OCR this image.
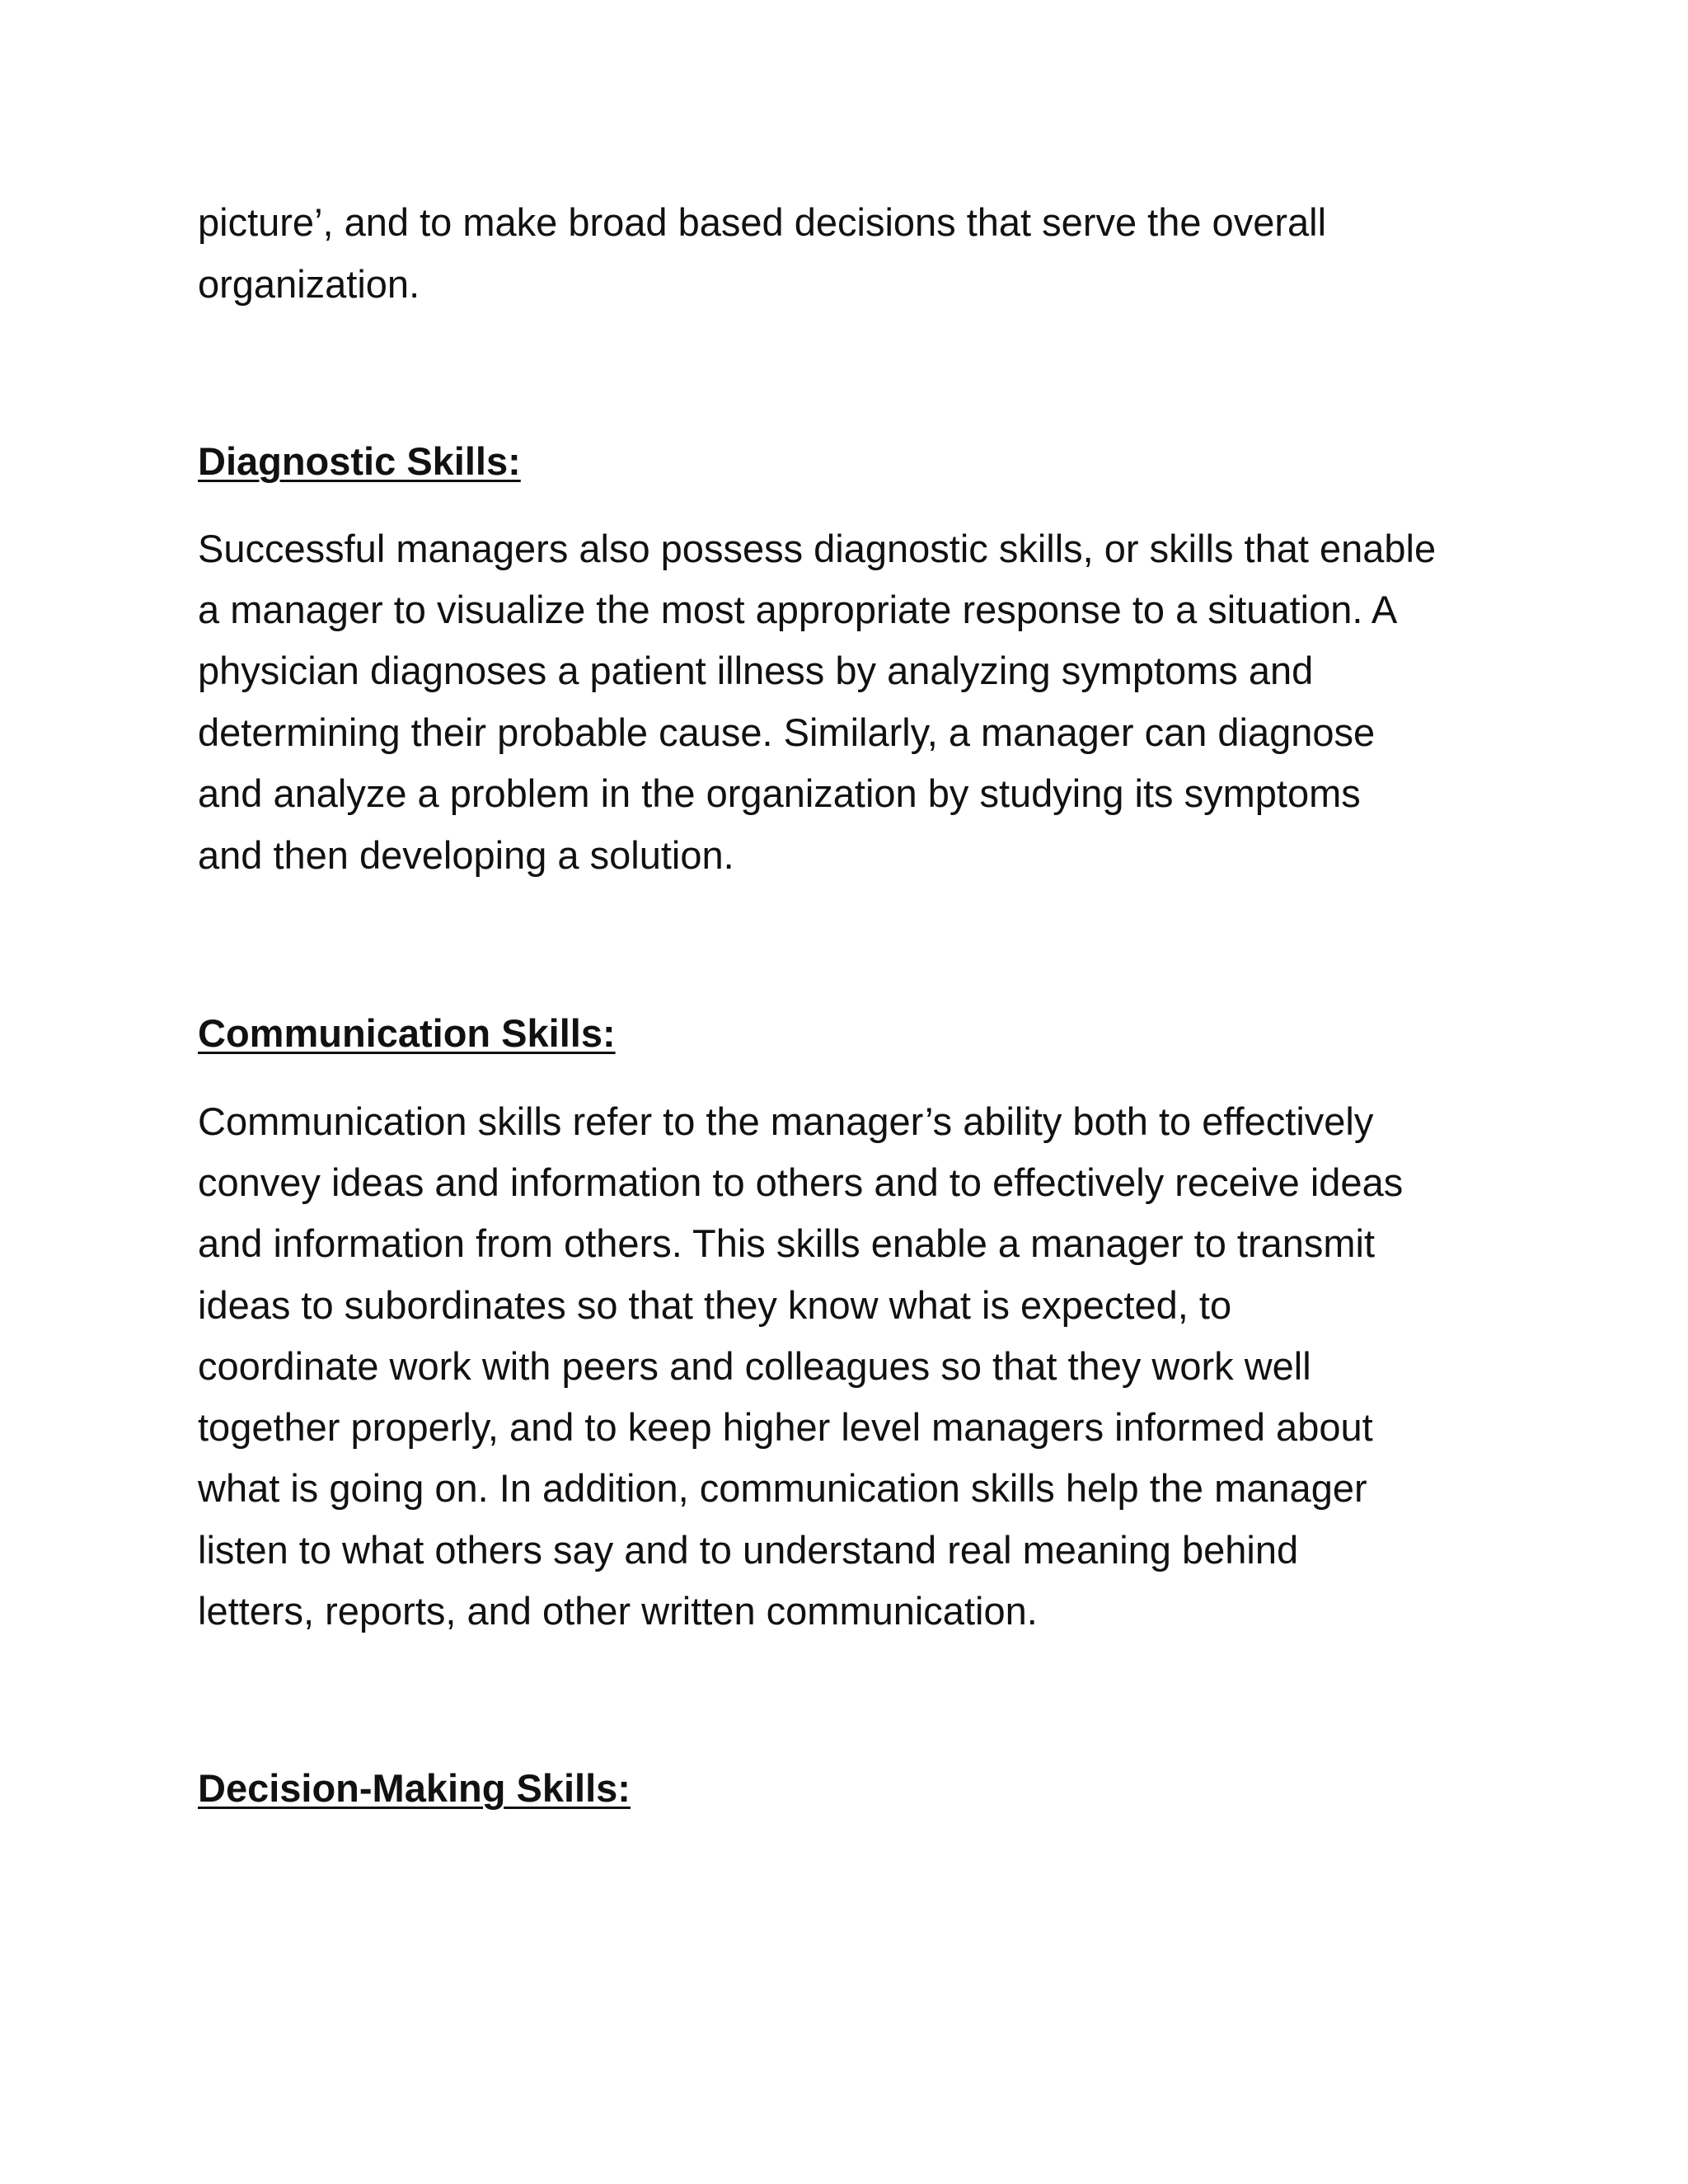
picture’, and to make broad based decisions that serve the overall

organization.

Diagnostic Skills:

Successful managers also possess diagnostic skills, or skills that enable

a manager to visualize the most appropriate response to a situation. A

physician diagnoses a patient illness by analyzing symptoms and

determining their probable cause. Similarly, a manager can diagnose

and analyze a problem in the organization by studying its symptoms

and then developing a solution.

Communication Skills:

Communication skills refer to the manager’s ability both to effectively

convey ideas and information to others and to effectively receive ideas

and information from others. This skills enable a manager to transmit

ideas to subordinates so that they know what is expected, to

coordinate work with peers and colleagues so that they work well

together properly, and to keep higher level managers informed about

what is going on. In addition, communication skills help the manager

listen to what others say and to understand real meaning behind

letters, reports, and other written communication.

Decision-Making Skills:
